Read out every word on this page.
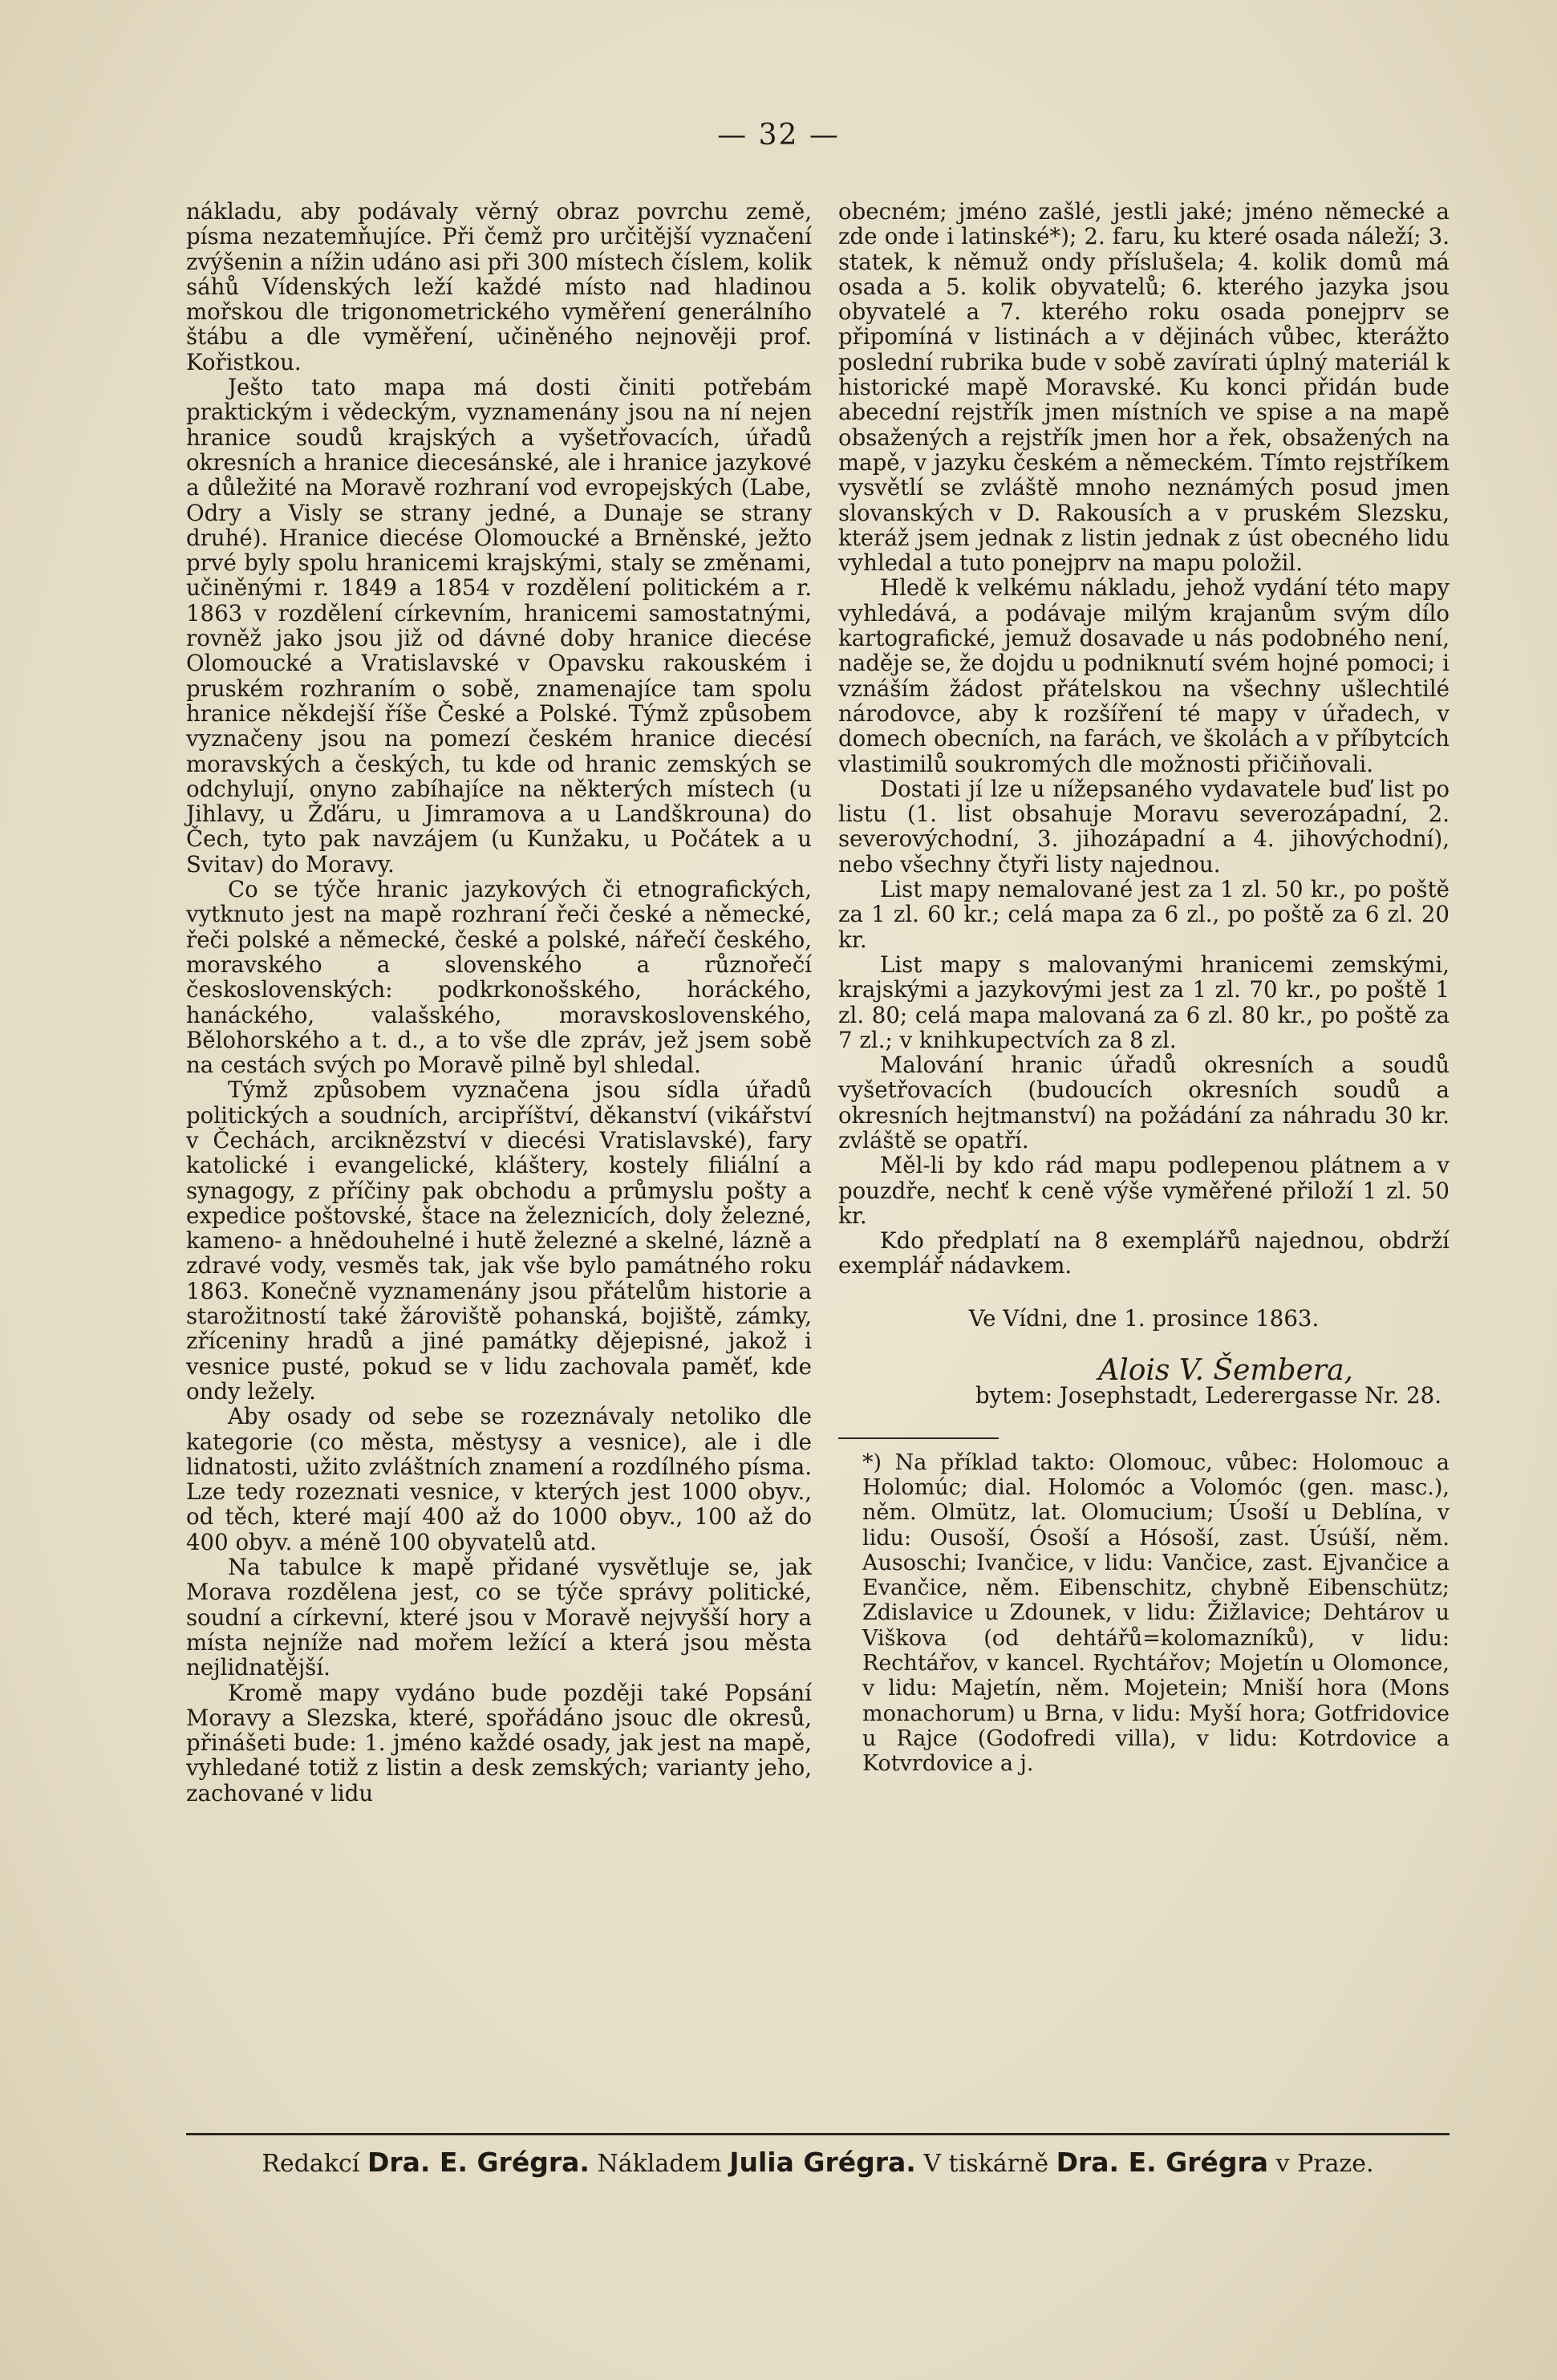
— 32 —

nákladu, aby podávaly věrný obraz povrchu země, písma nezatemňujíce. Při čemž pro určitější vyznačení zvýšenin a nížin udáno asi při 300 místech číslem, kolik sáhů Vídenských leží každé místo nad hladinou mořskou dle trigonometrického vyměření generálního štábu a dle vyměření, učiněného nejnověji prof. Kořistkou.

Ješto tato mapa má dosti činiti potřebám praktickým i vědeckým, vyznamenány jsou na ní nejen hranice soudů krajských a vyšetřovacích, úřadů okresních a hranice diecesánské, ale i hranice jazykové a důležité na Moravě rozhraní vod evropejských (Labe, Odry a Visly se strany jedné, a Dunaje se strany druhé). Hranice diecése Olomoucké a Brněnské, ježto prvé byly spolu hranicemi krajskými, staly se změnami, učiněnými r. 1849 a 1854 v rozdělení politickém a r. 1863 v rozdělení církevním, hranicemi samostatnými, rovněž jako jsou již od dávné doby hranice diecése Olomoucké a Vratislavské v Opavsku rakouském i pruském rozhraním o sobě, znamenajíce tam spolu hranice někdejší říše České a Polské. Týmž způsobem vyznačeny jsou na pomezí českém hranice diecésí moravských a českých, tu kde od hranic zemských se odchylují, onyno zabíhajíce na některých místech (u Jihlavy, u Žďáru, u Jimramova a u Landškrouna) do Čech, tyto pak navzájem (u Kunžaku, u Počátek a u Svitav) do Moravy.

Co se týče hranic jazykových či etnografických, vytknuto jest na mapě rozhraní řeči české a německé, řeči polské a německé, české a polské, nářečí českého, moravského a slovenského a různořečí československých: podkrkonošského, horáckého, hanáckého, valašského, moravskoslovenského, Bělohorského a t. d., a to vše dle zpráv, jež jsem sobě na cestách svých po Moravě pilně byl shledal.

Týmž způsobem vyznačena jsou sídla úřadů politických a soudních, arcipříštví, děkanství (vikářství v Čechách, arciknězství v diecési Vratislavské), fary katolické i evangelické, kláštery, kostely filiální a synagogy, z příčiny pak obchodu a průmyslu pošty a expedice poštovské, štace na železnicích, doly železné, kameno- a hnědouhelné i hutě železné a skelné, lázně a zdravé vody, vesměs tak, jak vše bylo památného roku 1863. Konečně vyznamenány jsou přátelům historie a starožitností také žároviště pohanská, bojiště, zámky, zříceniny hradů a jiné památky dějepisné, jakož i vesnice pusté, pokud se v lidu zachovala paměť, kde ondy ležely.

Aby osady od sebe se rozeznávaly netoliko dle kategorie (co města, městysy a vesnice), ale i dle lidnatosti, užito zvláštních znamení a rozdílného písma. Lze tedy rozeznati vesnice, v kterých jest 1000 obyv., od těch, které mají 400 až do 1000 obyv., 100 až do 400 obyv. a méně 100 obyvatelů atd.

Na tabulce k mapě přidané vysvětluje se, jak Morava rozdělena jest, co se týče správy politické, soudní a církevní, které jsou v Moravě nejvyšší hory a místa nejníže nad mořem ležící a která jsou města nejlidnatější.

Kromě mapy vydáno bude později také Popsání Moravy a Slezska, které, spořádáno jsouc dle okresů, přinášeti bude: 1. jméno každé osady, jak jest na mapě, vyhledané totiž z listin a desk zemských; varianty jeho, zachované v lidu

obecném; jméno zašlé, jestli jaké; jméno německé a zde onde i latinské*); 2. faru, ku které osada náleží; 3. statek, k němuž ondy příslušela; 4. kolik domů má osada a 5. kolik obyvatelů; 6. kterého jazyka jsou obyvatelé a 7. kterého roku osada ponejprv se připomíná v listinách a v dějinách vůbec, kterážto poslední rubrika bude v sobě zavírati úplný materiál k historické mapě Moravské. Ku konci přidán bude abecední rejstřík jmen místních ve spise a na mapě obsažených a rejstřík jmen hor a řek, obsažených na mapě, v jazyku českém a německém. Tímto rejstříkem vysvětlí se zvláště mnoho neznámých posud jmen slovanských v D. Rakousích a v pruském Slezsku, kteráž jsem jednak z listin jednak z úst obecného lidu vyhledal a tuto ponejprv na mapu položil.

Hledě k velkému nákladu, jehož vydání této mapy vyhledává, a podávaje milým krajanům svým dílo kartografické, jemuž dosavade u nás podobného není, naděje se, že dojdu u podniknutí svém hojné pomoci; i vznáším žádost přátelskou na všechny ušlechtilé národovce, aby k rozšíření té mapy v úřadech, v domech obecních, na farách, ve školách a v příbytcích vlastimilů soukromých dle možnosti přičiňovali.

Dostati jí lze u nížepsaného vydavatele buď list po listu (1. list obsahuje Moravu severozápadní, 2. severovýchodní, 3. jihozápadní a 4. jihovýchodní), nebo všechny čtyři listy najednou.

List mapy nemalované jest za 1 zl. 50 kr., po poště za 1 zl. 60 kr.; celá mapa za 6 zl., po poště za 6 zl. 20 kr.

List mapy s malovanými hranicemi zemskými, krajskými a jazykovými jest za 1 zl. 70 kr., po poště 1 zl. 80; celá mapa malovaná za 6 zl. 80 kr., po poště za 7 zl.; v knihkupectvích za 8 zl.

Malování hranic úřadů okresních a soudů vyšetřovacích (budoucích okresních soudů a okresních hejtmanství) na požádání za náhradu 30 kr. zvláště se opatří.

Měl-li by kdo rád mapu podlepenou plátnem a v pouzdře, nechť k ceně výše vyměřené přiloží 1 zl. 50 kr.

Kdo předplatí na 8 exemplářů najednou, obdrží exemplář nádavkem.

Ve Vídni, dne 1. prosince 1863.

Alois V. Šembera,

bytem: Josephstadt, Lederergasse Nr. 28.

*) Na příklad takto: Olomouc, vůbec: Holomouc a Holomúc; dial. Holomóc a Volomóc (gen. masc.), něm. Olmütz, lat. Olomucium; Úsoší u Deblína, v lidu: Ousoší, Ósoší a Hósoší, zast. Úsúší, něm. Ausoschi; Ivančice, v lidu: Vančice, zast. Ejvančice a Evančice, něm. Eibenschitz, chybně Eibenschütz; Zdislavice u Zdounek, v lidu: Žižlavice; Dehtárov u Viškova (od dehtářů=kolomazníků), v lidu: Rechtářov, v kancel. Rychtářov; Mojetín u Olomonce, v lidu: Majetín, něm. Mojetein; Mniší hora (Mons monachorum) u Brna, v lidu: Myší hora; Gotfridovice u Rajce (Godofredi villa), v lidu: Kotrdovice a Kotvrdovice a j.

Redakcí Dra. E. Grégra. Nákladem Julia Grégra. V tiskárně Dra. E. Grégra v Praze.
